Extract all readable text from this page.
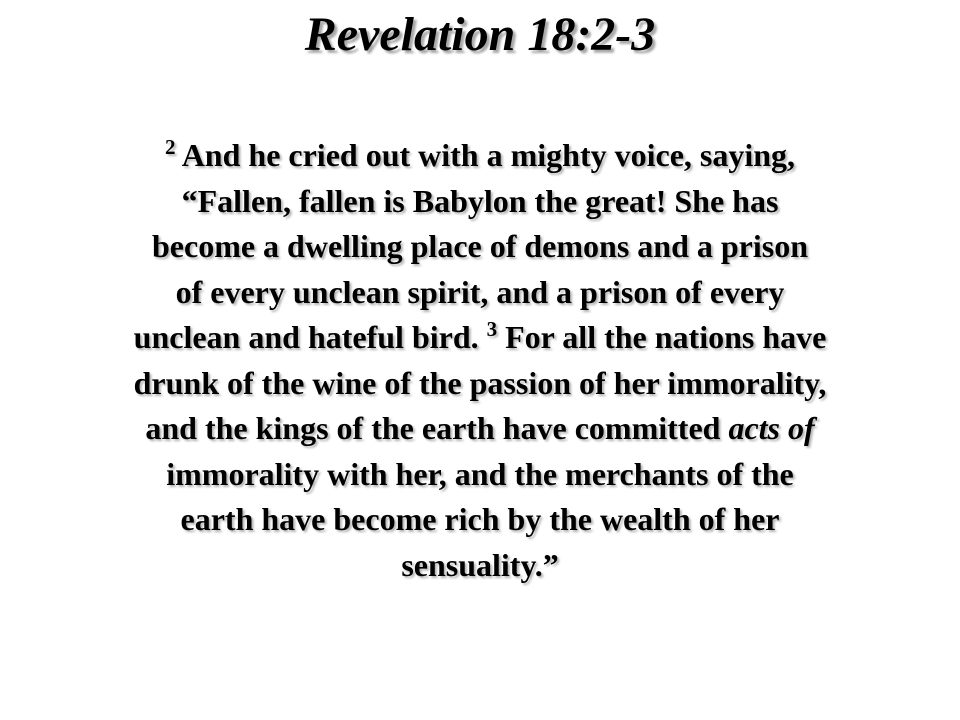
Revelation 18:2-3
$^2$ And he cried out with a mighty voice, saying,
“Fallen, fallen is Babylon the great! She has
become a dwelling place of demons and a prison
of every unclean spirit, and a prison of every
unclean and hateful bird. $^3$ For all the nations have
drunk of the wine of the passion of her immorality,
and the kings of the earth have committed acts of
immorality with her, and the merchants of the
earth have become rich by the wealth of her
sensuality.”
